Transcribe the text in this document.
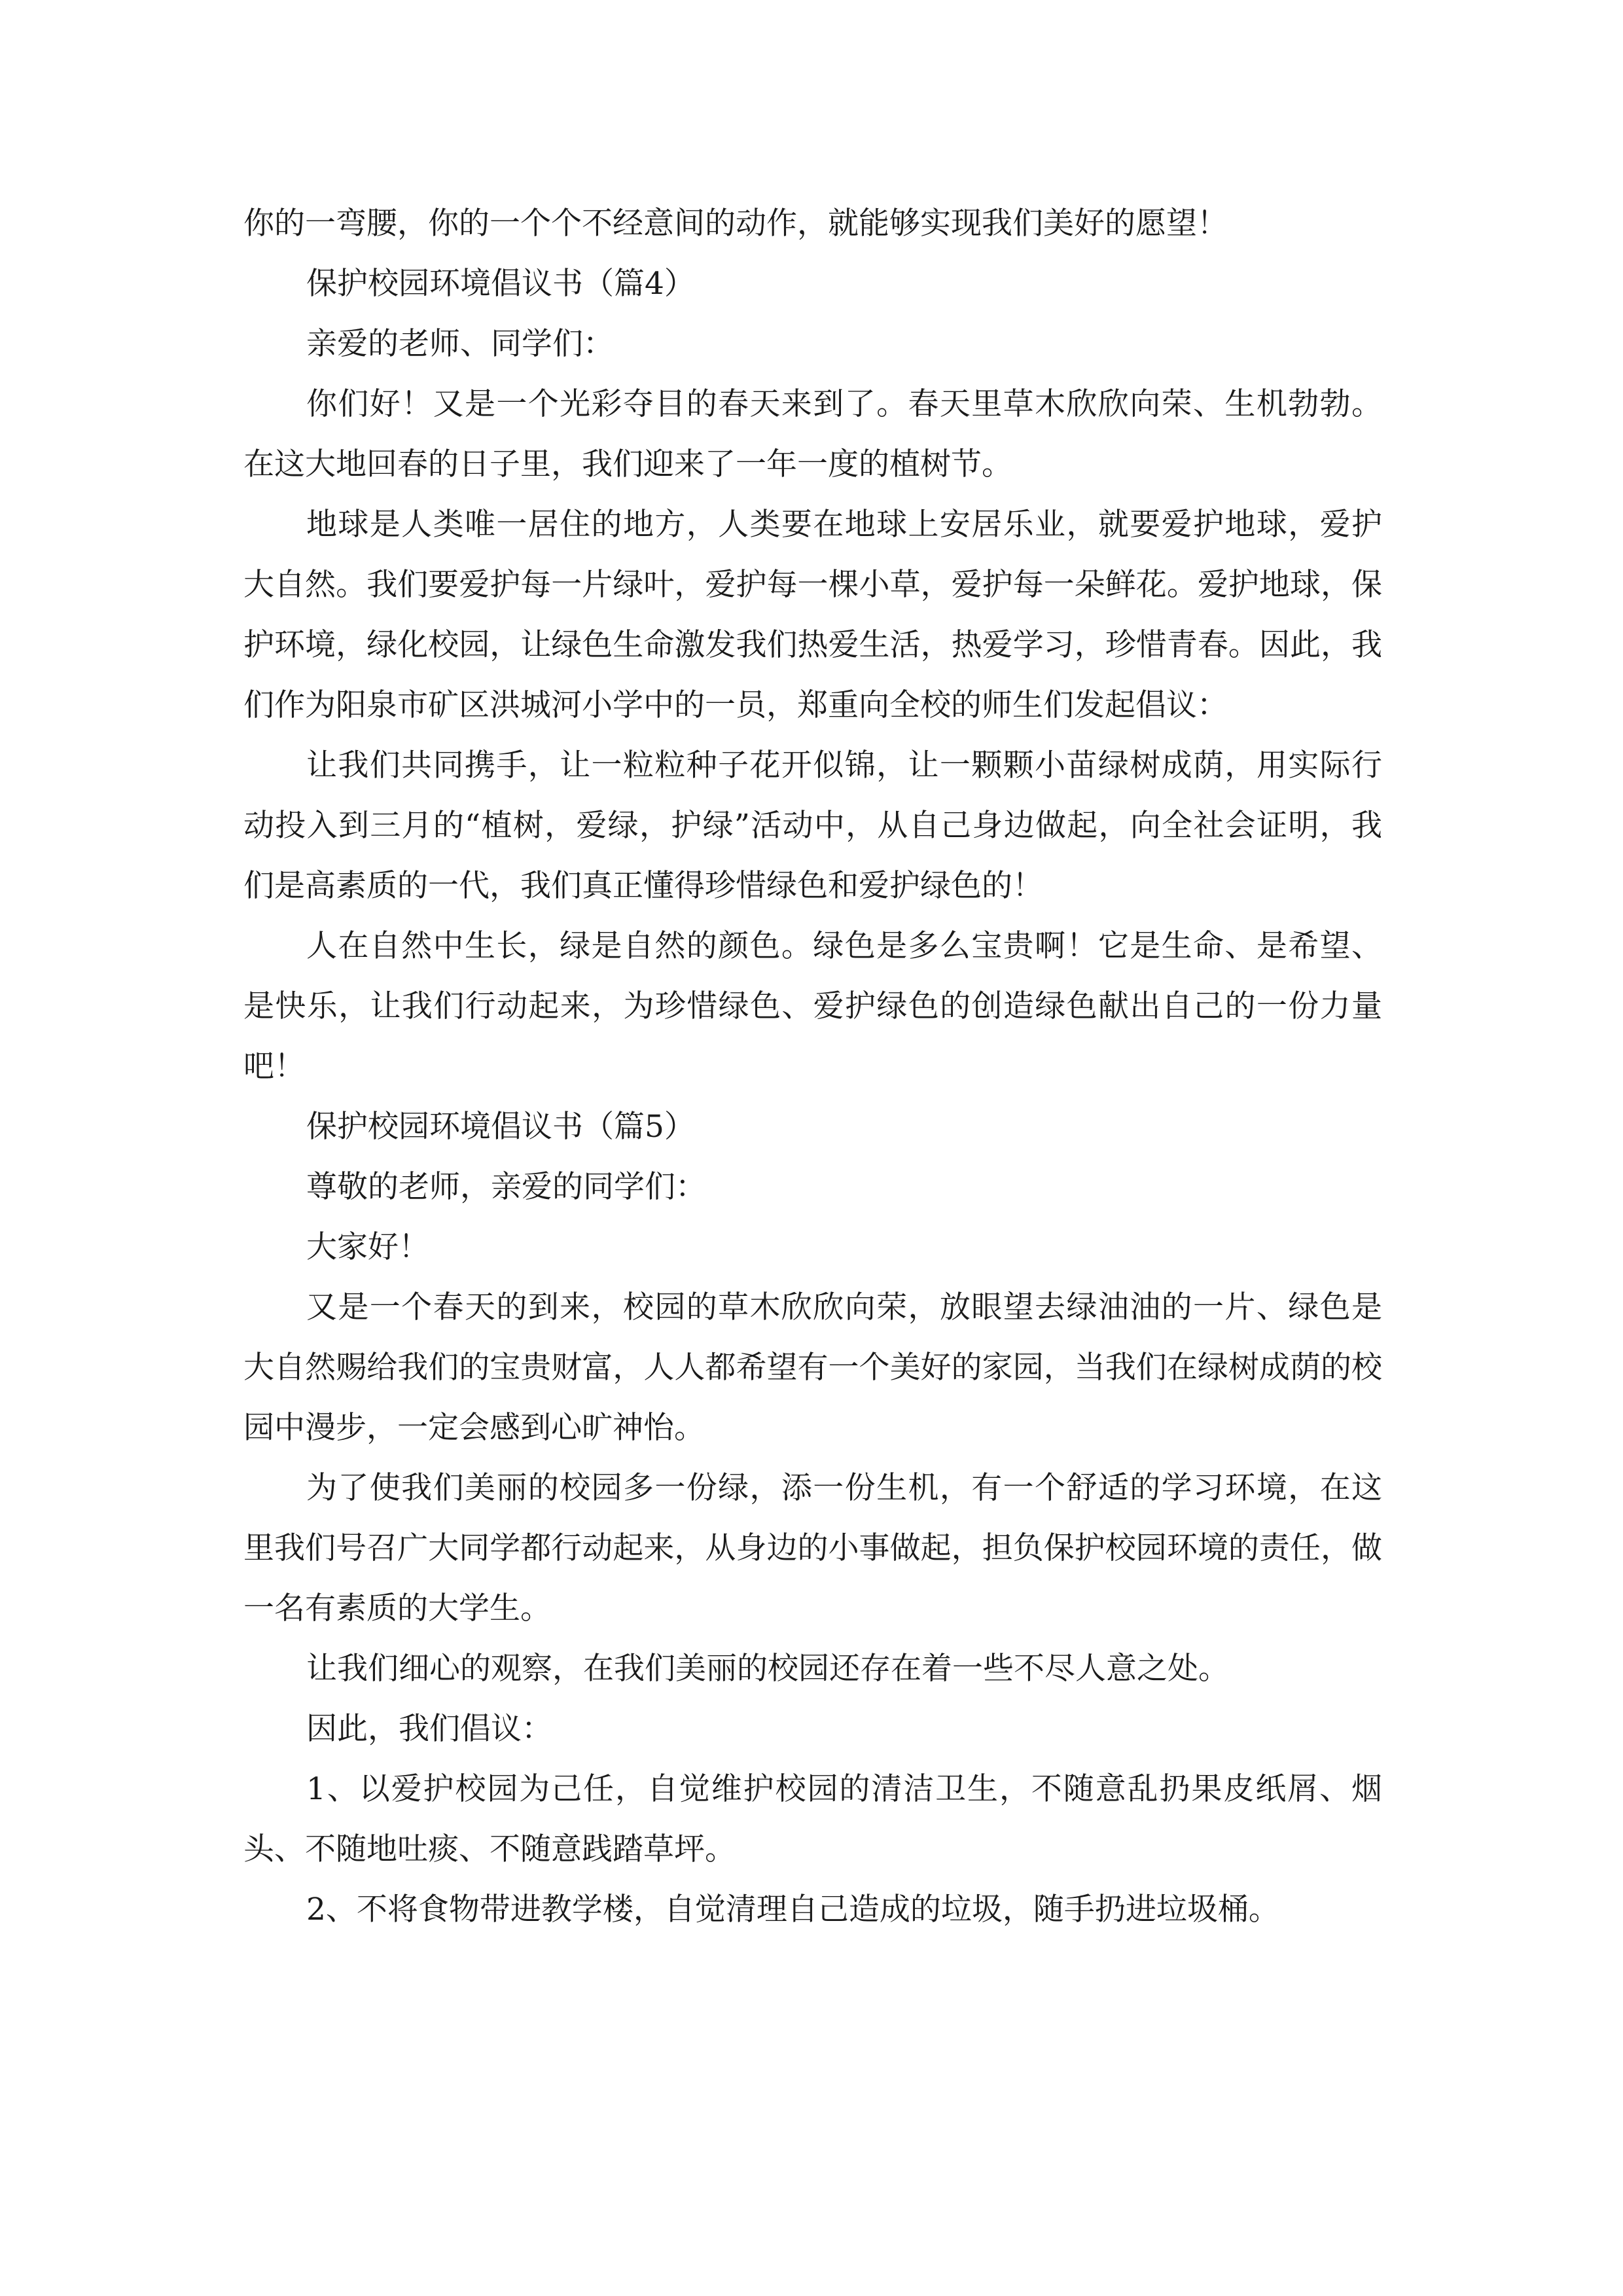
你的一弯腰，你的一个个不经意间的动作，就能够实现我们美好的愿望！

保护校园环境倡议书（篇4）

亲爱的老师、同学们：

你们好！又是一个光彩夺目的春天来到了。春天里草木欣欣向荣、生机勃勃。在这大地回春的日子里，我们迎来了一年一度的植树节。

地球是人类唯一居住的地方，人类要在地球上安居乐业，就要爱护地球，爱护大自然。我们要爱护每一片绿叶，爱护每一棵小草，爱护每一朵鲜花。爱护地球，保护环境，绿化校园，让绿色生命激发我们热爱生活，热爱学习，珍惜青春。因此，我们作为阳泉市矿区洪城河小学中的一员，郑重向全校的师生们发起倡议：

让我们共同携手，让一粒粒种子花开似锦，让一颗颗小苗绿树成荫，用实际行动投入到三月的“植树，爱绿，护绿”活动中，从自己身边做起，向全社会证明，我们是高素质的一代，我们真正懂得珍惜绿色和爱护绿色的！

人在自然中生长，绿是自然的颜色。绿色是多么宝贵啊！它是生命、是希望、是快乐，让我们行动起来，为珍惜绿色、爱护绿色的创造绿色献出自己的一份力量吧！

保护校园环境倡议书（篇5）

尊敬的老师，亲爱的同学们：

大家好！

又是一个春天的到来，校园的草木欣欣向荣，放眼望去绿油油的一片、绿色是大自然赐给我们的宝贵财富，人人都希望有一个美好的家园，当我们在绿树成荫的校园中漫步，一定会感到心旷神怡。

为了使我们美丽的校园多一份绿，添一份生机，有一个舒适的学习环境，在这里我们号召广大同学都行动起来，从身边的小事做起，担负保护校园环境的责任，做一名有素质的大学生。

让我们细心的观察，在我们美丽的校园还存在着一些不尽人意之处。

因此，我们倡议：

1、以爱护校园为己任，自觉维护校园的清洁卫生，不随意乱扔果皮纸屑、烟头、不随地吐痰、不随意践踏草坪。

2、不将食物带进教学楼，自觉清理自己造成的垃圾，随手扔进垃圾桶。
